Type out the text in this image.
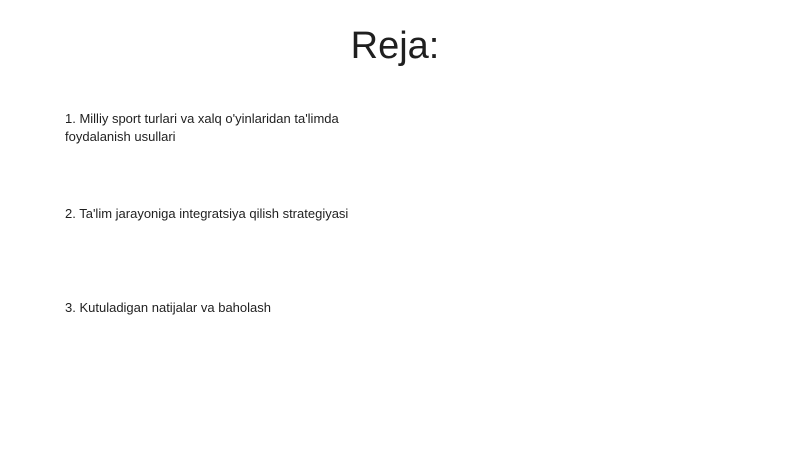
Reja:

1. Milliy sport turlari va xalq o'yinlaridan ta'limda foydalanish usullari

2. Ta'lim jarayoniga integratsiya qilish strategiyasi

3. Kutuladigan natijalar va baholash
